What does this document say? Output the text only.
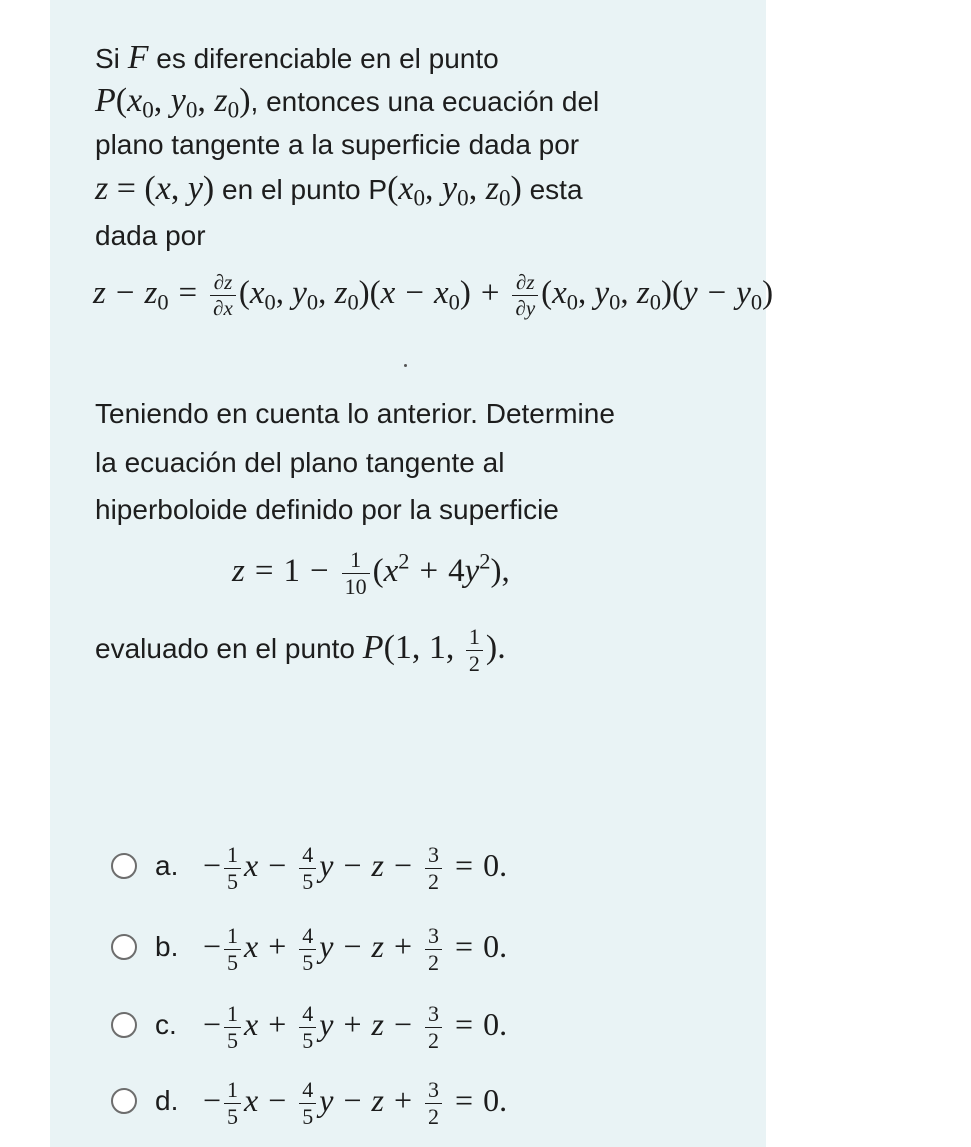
Si F es diferenciable en el punto
$P(x_0$, $y_0$, $z_0$), entonces una ecuación del
plano tangente a la superficie dada por
z = (x, y) en el punto $P(x_0$, $y_0$, $z_0$) esta
dada por
$z - z_0 = \frac{\partial z}{\partial x} (x_0$, $y_0$, $z_0)(x - x_0) + \frac{\partial z}{\partial y} (x_0$, $y_0$, $z_0)(y - y_0)$
Teniendo en cuenta lo anterior. Determine
la ecuación del plano tangente al
hiperboloide definido por la superficie
$z = 1 - \frac{1}{10} (x^2 + 4y^2)$,
evaluado en el punto P(1, 1, $\frac{1}{2}$ ).
a. − $\frac{1}{5}$ $x - \frac{4}{5}$ $y - z - \frac{3}{2} = 0$.
b. − $\frac{1}{5}$ $x + \frac{4}{5}$ $y - z + \frac{3}{2} = 0$.
c. − $\frac{1}{5}$ $x + \frac{4}{5}$ $y + z - \frac{3}{2} = 0$.
d. − $\frac{1}{5}$ $x - \frac{4}{5}$ $y - z + \frac{3}{2} = 0$.
